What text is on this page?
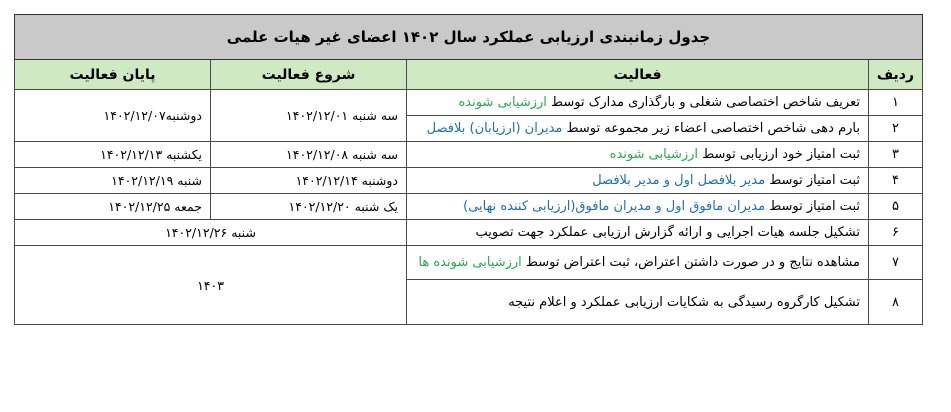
جدول زمانبندی ارزیابی عملکرد سال ۱۴۰۲ اعضای غیر هیات علمی			
ردیف	فعالیت	شروع فعالیت	پایان فعالیت
۱	تعریف شاخص اختصاصی شغلی و بارگذاری مدارک توسط ارزشیابی شونده	سه شنبه ۱۴۰۲/۱۲/۰۱	دوشنبه۱۴۰۲/۱۲/۰۷
۲	بارم دهی شاخص اختصاصی اعضاء زیر مجموعه توسط مدیران (ارزیابان) بلافصل		
۳	ثبت امتیاز خود ارزیابی توسط ارزشیابی شونده	سه شنبه ۱۴۰۲/۱۲/۰۸	یکشنبه ۱۴۰۲/۱۲/۱۳
۴	ثبت امتیاز توسط مدیر بلافصل اول و مدیر بلافصل	دوشنبه ۱۴۰۲/۱۲/۱۴	شنبه ۱۴۰۲/۱۲/۱۹
۵	ثبت امتیاز توسط مدیران مافوق اول و مدیران مافوق(ارزیابی کننده نهایی)	یک شنبه ۱۴۰۲/۱۲/۲۰	جمعه ۱۴۰۲/۱۲/۲۵
۶	تشکیل جلسه هیات اجرایی و ارائه گزارش ارزیابی عملکرد جهت تصویب	شنبه ۱۴۰۲/۱۲/۲۶	
۷	مشاهده نتایج و در صورت داشتن اعتراض، ثبت اعتراض توسط ارزشیابی شونده ها	۱۴۰۳	
۸	تشکیل کارگروه رسیدگی به شکایات ارزیابی عملکرد و اعلام نتیجه		
